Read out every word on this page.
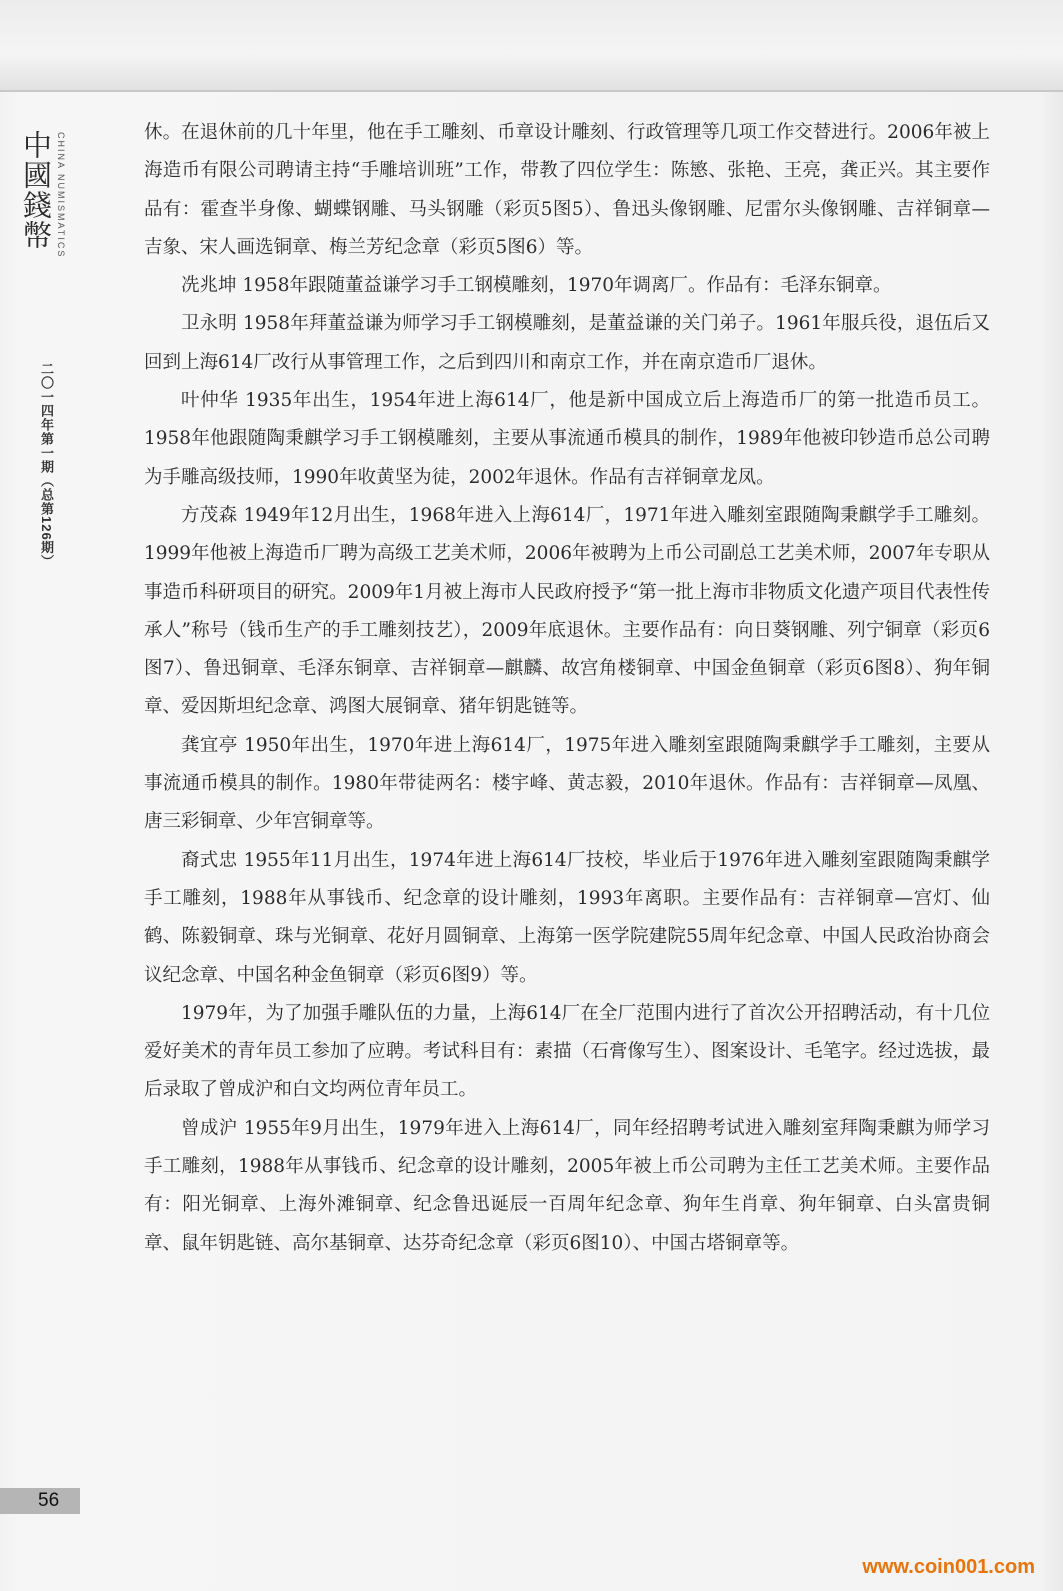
中國錢幣 CHINA NUMISMATICS
二〇一四年第一期（总第126期）

休。在退休前的几十年里，他在手工雕刻、币章设计雕刻、行政管理等几项工作交替进行。2006年被上海造币有限公司聘请主持“手雕培训班”工作，带教了四位学生：陈慜、张艳、王亮，龚正兴。其主要作品有：霍查半身像、蝴蝶钢雕、马头钢雕（彩页5图5）、鲁迅头像钢雕、尼雷尔头像钢雕、吉祥铜章—吉象、宋人画选铜章、梅兰芳纪念章（彩页5图6）等。

冼兆坤 1958年跟随董益谦学习手工钢模雕刻，1970年调离厂。作品有：毛泽东铜章。

卫永明 1958年拜董益谦为师学习手工钢模雕刻，是董益谦的关门弟子。1961年服兵役，退伍后又回到上海614厂改行从事管理工作，之后到四川和南京工作，并在南京造币厂退休。

叶仲华 1935年出生，1954年进上海614厂，他是新中国成立后上海造币厂的第一批造币员工。1958年他跟随陶秉麒学习手工钢模雕刻，主要从事流通币模具的制作，1989年他被印钞造币总公司聘为手雕高级技师，1990年收黄坚为徒，2002年退休。作品有吉祥铜章龙凤。

方茂森 1949年12月出生，1968年进入上海614厂，1971年进入雕刻室跟随陶秉麒学手工雕刻。1999年他被上海造币厂聘为高级工艺美术师，2006年被聘为上币公司副总工艺美术师，2007年专职从事造币科研项目的研究。2009年1月被上海市人民政府授予“第一批上海市非物质文化遗产项目代表性传承人”称号（钱币生产的手工雕刻技艺），2009年底退休。主要作品有：向日葵钢雕、列宁铜章（彩页6图7）、鲁迅铜章、毛泽东铜章、吉祥铜章—麒麟、故宫角楼铜章、中国金鱼铜章（彩页6图8）、狗年铜章、爱因斯坦纪念章、鸿图大展铜章、猪年钥匙链等。

龚宜亭 1950年出生，1970年进上海614厂，1975年进入雕刻室跟随陶秉麒学手工雕刻，主要从事流通币模具的制作。1980年带徒两名：楼宇峰、黄志毅，2010年退休。作品有：吉祥铜章—凤凰、唐三彩铜章、少年宫铜章等。

裔式忠 1955年11月出生，1974年进上海614厂技校，毕业后于1976年进入雕刻室跟随陶秉麒学手工雕刻，1988年从事钱币、纪念章的设计雕刻，1993年离职。主要作品有：吉祥铜章—宫灯、仙鹤、陈毅铜章、珠与光铜章、花好月圆铜章、上海第一医学院建院55周年纪念章、中国人民政治协商会议纪念章、中国名种金鱼铜章（彩页6图9）等。

1979年，为了加强手雕队伍的力量，上海614厂在全厂范围内进行了首次公开招聘活动，有十几位爱好美术的青年员工参加了应聘。考试科目有：素描（石膏像写生）、图案设计、毛笔字。经过选拔，最后录取了曾成沪和白文均两位青年员工。

曾成沪 1955年9月出生，1979年进入上海614厂，同年经招聘考试进入雕刻室拜陶秉麒为师学习手工雕刻，1988年从事钱币、纪念章的设计雕刻，2005年被上币公司聘为主任工艺美术师。主要作品有：阳光铜章、上海外滩铜章、纪念鲁迅诞辰一百周年纪念章、狗年生肖章、狗年铜章、白头富贵铜章、鼠年钥匙链、高尔基铜章、达芬奇纪念章（彩页6图10）、中国古塔铜章等。

56
www.coin001.com
